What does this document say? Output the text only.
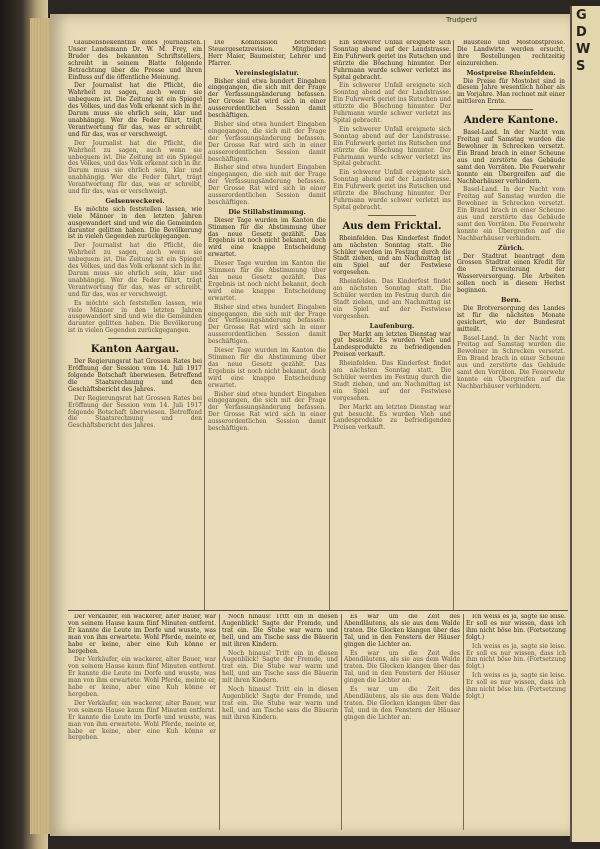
G
D
W
S
Trudperd

Glaubensbekenntnis eines Journalisten. Unser Landsmann Dr. W. M. Frey, ein Bruder des bekannten Schriftstellers, schreibt in seinem Blatte folgende Betrachtung über die Presse und ihren Einfluss auf die öffentliche Meinung.

Der Journalist hat die Pflicht, die Wahrheit zu sagen, auch wenn sie unbequem ist. Die Zeitung ist ein Spiegel des Volkes, und das Volk erkennt sich in ihr. Darum muss sie ehrlich sein, klar und unabhängig. Wer die Feder führt, trägt Verantwortung für das, was er schreibt, und für das, was er verschweigt.

Der Journalist hat die Pflicht, die Wahrheit zu sagen, auch wenn sie unbequem ist. Die Zeitung ist ein Spiegel des Volkes, und das Volk erkennt sich in ihr. Darum muss sie ehrlich sein, klar und unabhängig. Wer die Feder führt, trägt Verantwortung für das, was er schreibt, und für das, was er verschweigt.

Gelsenweckerei.

Es möchte sich feststellen lassen, wie viele Männer in den letzten Jahren ausgewandert sind und wie die Gemeinden darunter gelitten haben. Die Bevölkerung ist in vielen Gegenden zurückgegangen.

Der Journalist hat die Pflicht, die Wahrheit zu sagen, auch wenn sie unbequem ist. Die Zeitung ist ein Spiegel des Volkes, und das Volk erkennt sich in ihr. Darum muss sie ehrlich sein, klar und unabhängig. Wer die Feder führt, trägt Verantwortung für das, was er schreibt, und für das, was er verschweigt.

Es möchte sich feststellen lassen, wie viele Männer in den letzten Jahren ausgewandert sind und wie die Gemeinden darunter gelitten haben. Die Bevölkerung ist in vielen Gegenden zurückgegangen.

Kanton Aargau.

Der Regierungsrat hat Grossen Rates bei Eröffnung der Session vom 14. Juli 1917 folgende Botschaft überwiesen. Betreffend die Staatsrechnung und den Geschäftsbericht des Jahres.

Der Regierungsrat hat Grossen Rates bei Eröffnung der Session vom 14. Juli 1917 folgende Botschaft überwiesen. Betreffend die Staatsrechnung und den Geschäftsbericht des Jahres.

Die Kommission betreffend Steuergesetzrevision. Mitglieder: Herr Maier, Baumeister, Lehrer und Pfarrer.

Vereinslegislatur.

Bisher sind etwa hundert Eingaben eingegangen, die sich mit der Frage der Verfassungsänderung befassen. Der Grosse Rat wird sich in einer ausserordentlichen Session damit beschäftigen.

Bisher sind etwa hundert Eingaben eingegangen, die sich mit der Frage der Verfassungsänderung befassen. Der Grosse Rat wird sich in einer ausserordentlichen Session damit beschäftigen.

Bisher sind etwa hundert Eingaben eingegangen, die sich mit der Frage der Verfassungsänderung befassen. Der Grosse Rat wird sich in einer ausserordentlichen Session damit beschäftigen.

Die Stillabstimmung.

Dieser Tage wurden im Kanton die Stimmen für die Abstimmung über das neue Gesetz gezählt. Das Ergebnis ist noch nicht bekannt, doch wird eine knappe Entscheidung erwartet.

Dieser Tage wurden im Kanton die Stimmen für die Abstimmung über das neue Gesetz gezählt. Das Ergebnis ist noch nicht bekannt, doch wird eine knappe Entscheidung erwartet.

Bisher sind etwa hundert Eingaben eingegangen, die sich mit der Frage der Verfassungsänderung befassen. Der Grosse Rat wird sich in einer ausserordentlichen Session damit beschäftigen.

Dieser Tage wurden im Kanton die Stimmen für die Abstimmung über das neue Gesetz gezählt. Das Ergebnis ist noch nicht bekannt, doch wird eine knappe Entscheidung erwartet.

Bisher sind etwa hundert Eingaben eingegangen, die sich mit der Frage der Verfassungsänderung befassen. Der Grosse Rat wird sich in einer ausserordentlichen Session damit beschäftigen.

Ein schwerer Unfall ereignete sich Sonntag abend auf der Landstrasse. Ein Fuhrwerk geriet ins Rutschen und stürzte die Böschung hinunter. Der Fuhrmann wurde schwer verletzt ins Spital gebracht.

Ein schwerer Unfall ereignete sich Sonntag abend auf der Landstrasse. Ein Fuhrwerk geriet ins Rutschen und stürzte die Böschung hinunter. Der Fuhrmann wurde schwer verletzt ins Spital gebracht.

Ein schwerer Unfall ereignete sich Sonntag abend auf der Landstrasse. Ein Fuhrwerk geriet ins Rutschen und stürzte die Böschung hinunter. Der Fuhrmann wurde schwer verletzt ins Spital gebracht.

Ein schwerer Unfall ereignete sich Sonntag abend auf der Landstrasse. Ein Fuhrwerk geriet ins Rutschen und stürzte die Böschung hinunter. Der Fuhrmann wurde schwer verletzt ins Spital gebracht.

Aus dem Fricktal.

Rheinfelden. Das Kinderfest findet am nächsten Sonntag statt. Die Schüler werden im Festzug durch die Stadt ziehen, und am Nachmittag ist ein Spiel auf der Festwiese vorgesehen.

Rheinfelden. Das Kinderfest findet am nächsten Sonntag statt. Die Schüler werden im Festzug durch die Stadt ziehen, und am Nachmittag ist ein Spiel auf der Festwiese vorgesehen.

Laufenburg.

Der Markt am letzten Dienstag war gut besucht. Es wurden Vieh und Landesprodukte zu befriedigenden Preisen verkauft.

Rheinfelden. Das Kinderfest findet am nächsten Sonntag statt. Die Schüler werden im Festzug durch die Stadt ziehen, und am Nachmittag ist ein Spiel auf der Festwiese vorgesehen.

Der Markt am letzten Dienstag war gut besucht. Es wurden Vieh und Landesprodukte zu befriedigenden Preisen verkauft.

Baustelle und Mostobstpreise. Die Landwirte werden ersucht, ihre Bestellungen rechtzeitig einzureichen.

Mostpreise Rheinfelden.

Die Preise für Mostobst sind in diesem Jahre wesentlich höher als im Vorjahre. Man rechnet mit einer mittleren Ernte.

Andere Kantone.

Basel-Land. In der Nacht vom Freitag auf Samstag wurden die Bewohner in Schrecken versetzt. Ein Brand brach in einer Scheune aus und zerstörte das Gebäude samt den Vorräten. Die Feuerwehr konnte ein Übergreifen auf die Nachbarhäuser verhindern.

Basel-Land. In der Nacht vom Freitag auf Samstag wurden die Bewohner in Schrecken versetzt. Ein Brand brach in einer Scheune aus und zerstörte das Gebäude samt den Vorräten. Die Feuerwehr konnte ein Übergreifen auf die Nachbarhäuser verhindern.

Zürich.

Der Stadtrat beantragt dem Grossen Stadtrat einen Kredit für die Erweiterung der Wasserversorgung. Die Arbeiten sollen noch in diesem Herbst beginnen.

Bern.

Die Brotversorgung des Landes ist für die nächsten Monate gesichert, wie der Bundesrat mitteilt.

Basel-Land. In der Nacht vom Freitag auf Samstag wurden die Bewohner in Schrecken versetzt. Ein Brand brach in einer Scheune aus und zerstörte das Gebäude samt den Vorräten. Die Feuerwehr konnte ein Übergreifen auf die Nachbarhäuser verhindern.

Der Verkäufer, ein wackerer, alter Bauer, war von seinem Hause kaum fünf Minuten entfernt. Er kannte die Leute im Dorfe und wusste, was man von ihm erwartete. Wohl Pferde, meinte er, habe er keine, aber eine Kuh könne er hergeben.

Der Verkäufer, ein wackerer, alter Bauer, war von seinem Hause kaum fünf Minuten entfernt. Er kannte die Leute im Dorfe und wusste, was man von ihm erwartete. Wohl Pferde, meinte er, habe er keine, aber eine Kuh könne er hergeben.

Der Verkäufer, ein wackerer, alter Bauer, war von seinem Hause kaum fünf Minuten entfernt. Er kannte die Leute im Dorfe und wusste, was man von ihm erwartete. Wohl Pferde, meinte er, habe er keine, aber eine Kuh könne er hergeben.

Noch hinaus! Tritt ein in diesen Augenblick! Sagte der Fremde, und trat ein. Die Stube war warm und hell, und am Tische sass die Bäuerin mit ihren Kindern.

Noch hinaus! Tritt ein in diesen Augenblick! Sagte der Fremde, und trat ein. Die Stube war warm und hell, und am Tische sass die Bäuerin mit ihren Kindern.

Noch hinaus! Tritt ein in diesen Augenblick! Sagte der Fremde, und trat ein. Die Stube war warm und hell, und am Tische sass die Bäuerin mit ihren Kindern.

Es war um die Zeit des Abendläutens, als sie aus dem Walde traten. Die Glocken klangen über das Tal, und in den Fenstern der Häuser gingen die Lichter an.

Es war um die Zeit des Abendläutens, als sie aus dem Walde traten. Die Glocken klangen über das Tal, und in den Fenstern der Häuser gingen die Lichter an.

Es war um die Zeit des Abendläutens, als sie aus dem Walde traten. Die Glocken klangen über das Tal, und in den Fenstern der Häuser gingen die Lichter an.

Ich weiss es ja, sagte sie leise. Er soll es nur wissen, dass ich ihm nicht böse bin. (Fortsetzung folgt.)

Ich weiss es ja, sagte sie leise. Er soll es nur wissen, dass ich ihm nicht böse bin. (Fortsetzung folgt.)

Ich weiss es ja, sagte sie leise. Er soll es nur wissen, dass ich ihm nicht böse bin. (Fortsetzung folgt.)
